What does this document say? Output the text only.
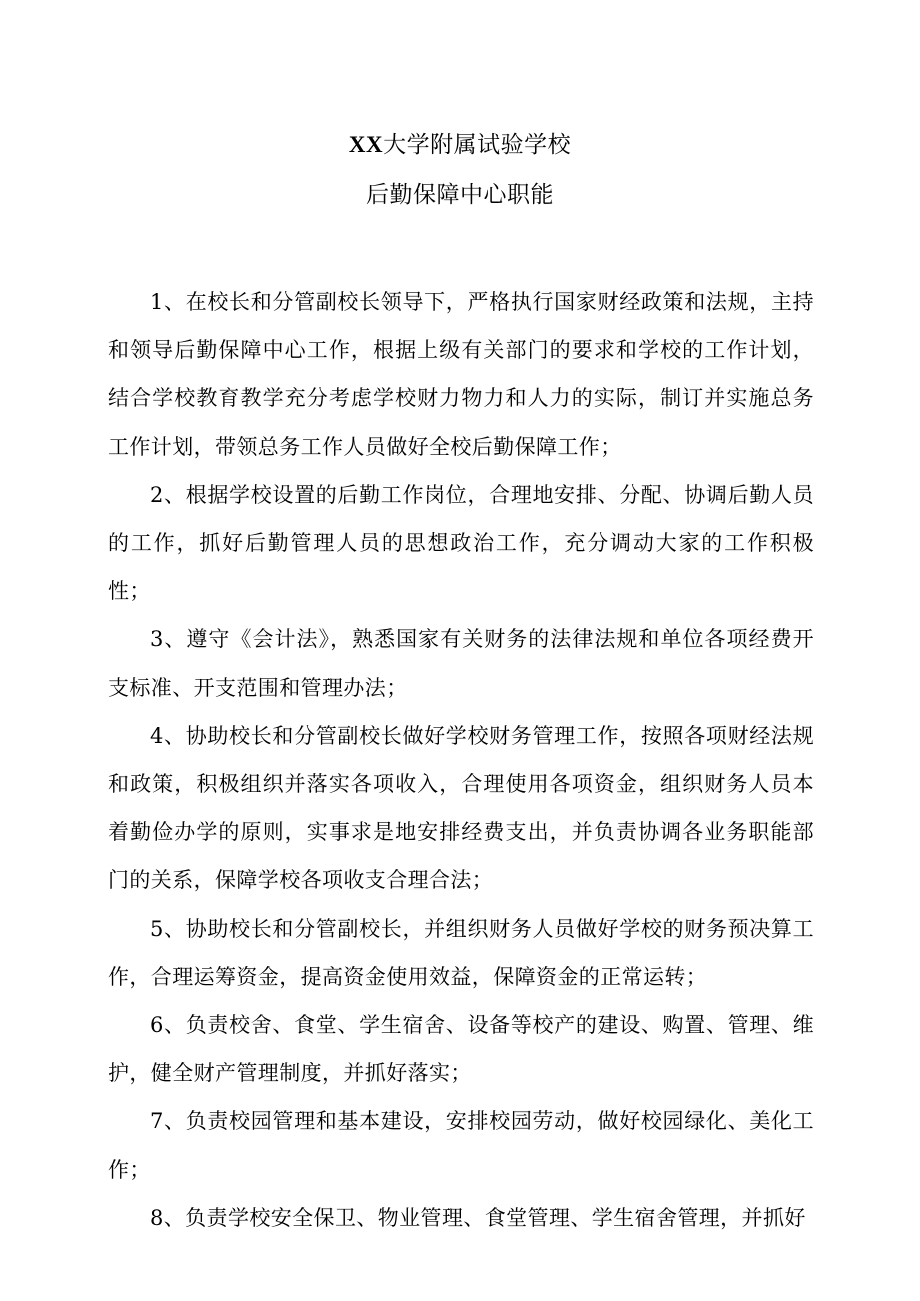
XX大学附属试验学校
后勤保障中心职能

1、在校长和分管副校长领导下，严格执行国家财经政策和法规，主持和领导后勤保障中心工作，根据上级有关部门的要求和学校的工作计划，结合学校教育教学充分考虑学校财力物力和人力的实际，制订并实施总务工作计划，带领总务工作人员做好全校后勤保障工作；

2、根据学校设置的后勤工作岗位，合理地安排、分配、协调后勤人员的工作，抓好后勤管理人员的思想政治工作，充分调动大家的工作积极性；

3、遵守《会计法》，熟悉国家有关财务的法律法规和单位各项经费开支标准、开支范围和管理办法；

4、协助校长和分管副校长做好学校财务管理工作，按照各项财经法规和政策，积极组织并落实各项收入，合理使用各项资金，组织财务人员本着勤俭办学的原则，实事求是地安排经费支出，并负责协调各业务职能部门的关系，保障学校各项收支合理合法；

5、协助校长和分管副校长，并组织财务人员做好学校的财务预决算工作，合理运筹资金，提高资金使用效益，保障资金的正常运转；

6、负责校舍、食堂、学生宿舍、设备等校产的建设、购置、管理、维护，健全财产管理制度，并抓好落实；

7、负责校园管理和基本建设，安排校园劳动，做好校园绿化、美化工作；

8、负责学校安全保卫、物业管理、食堂管理、学生宿舍管理，并抓好
